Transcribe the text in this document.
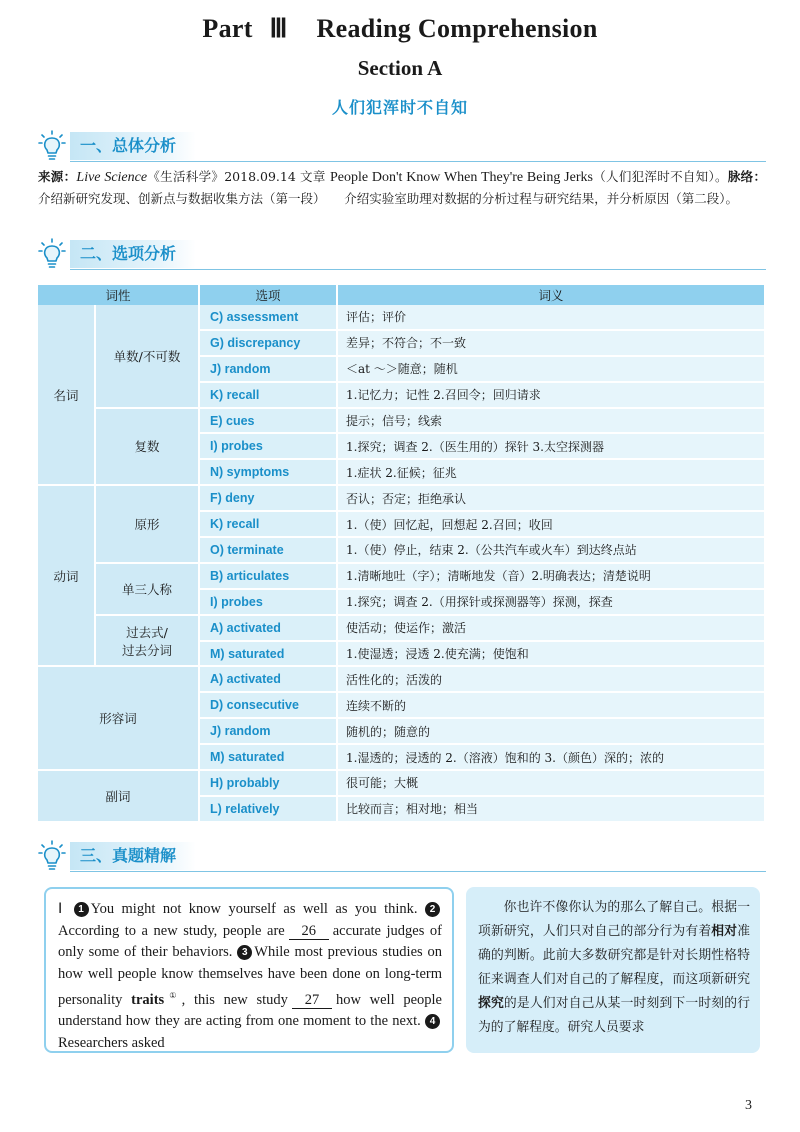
Part Ⅲ Reading Comprehension
Section A
人们犯浑时不自知
一、总体分析
来源：Live Science《生活科学》2018.09.14 文章 People Don't Know When They're Being Jerks（人们犯浑时不自知）。脉络：介绍新研究发现、创新点与数据收集方法（第一段）　　介绍实验室助理对数据的分析过程与研究结果，并分析原因（第二段）。
二、选项分析
词性		选项	词义
名词	单数/不可数	C) assessment	评估；评价
		G) discrepancy	差异；不符合；不一致
		J) random	＜at ～＞随意；随机
		K) recall	1.记忆力；记性 2.召回令；回归请求
	复数	E) cues	提示；信号；线索
		I) probes	1.探究；调查 2.（医生用的）探针 3.太空探测器
		N) symptoms	1.症状 2.征候；征兆
动词	原形	F) deny	否认；否定；拒绝承认
		K) recall	1.（使）回忆起，回想起 2.召回；收回
		O) terminate	1.（使）停止，结束 2.（公共汽车或火车）到达终点站
	单三人称	B) articulates	1.清晰地吐（字）；清晰地发（音）2.明确表达；清楚说明
		I) probes	1.探究；调查 2.（用探针或探测器等）探测，探查
	过去式/
过去分词	A) activated	使活动；使运作；激活
		M) saturated	1.使湿透；浸透 2.使充满；使饱和
形容词		A) activated	活性化的；活泼的
		D) consecutive	连续不断的
		J) random	随机的；随意的
		M) saturated	1.湿透的；浸透的 2.（溶液）饱和的 3.（颜色）深的；浓的
副词		H) probably	很可能；大概
		L) relatively	比较而言；相对地；相当
三、真题精解
Ⅰ 1 You might not know yourself as well as you think. 2According to a new study, people are 26 accurate judges of only some of their behaviors. 3 While most previous studies on how well people know themselves have been done on long-term personality traits①, this new study 27 how well people understand how they are acting from one moment to the next. 4Researchers asked
你也许不像你认为的那么了解自己。根据一项新研究，人们只对自己的部分行为有着相对准确的判断。此前大多数研究都是针对长期性格特征来调查人们对自己的了解程度，而这项新研究探究的是人们对自己从某一时刻到下一时刻的行为的了解程度。研究人员要求
3
